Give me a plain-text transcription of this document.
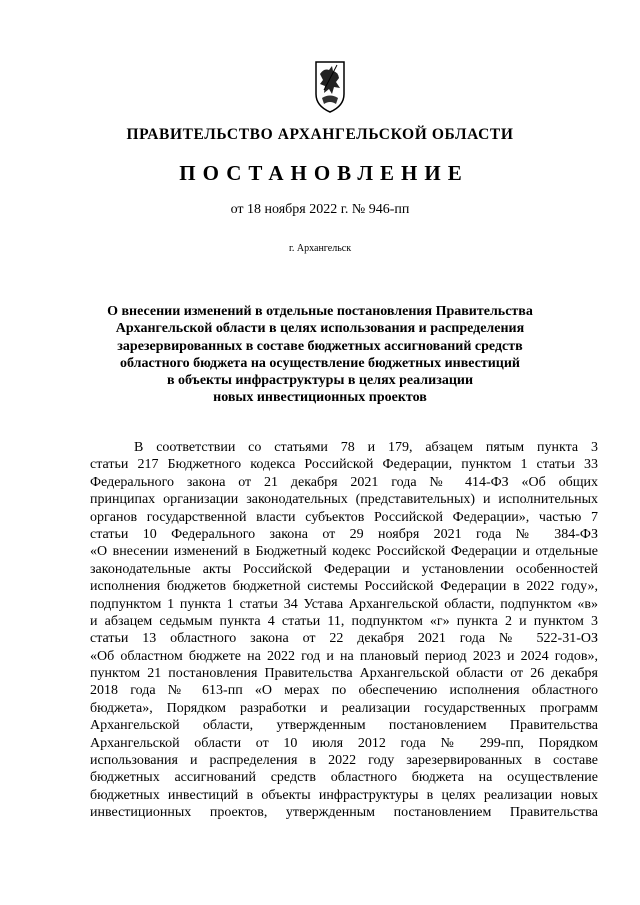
ПРАВИТЕЛЬСТВО АРХАНГЕЛЬСКОЙ ОБЛАСТИ
ПОСТАНОВЛЕНИЕ
от 18 ноября 2022 г. № 946-пп
г. Архангельск
О внесении изменений в отдельные постановления Правительства
Архангельской области в целях использования и распределения
зарезервированных в составе бюджетных ассигнований средств
областного бюджета на осуществление бюджетных инвестиций
в объекты инфраструктуры в целях реализации
новых инвестиционных проектов
В соответствии со статьями 78 и 179, абзацем пятым пункта 3
статьи 217 Бюджетного кодекса Российской Федерации, пунктом 1 статьи 33
Федерального закона от 21 декабря 2021 года № 414-ФЗ «Об общих
принципах организации законодательных (представительных) и исполнительных
органов государственной власти субъектов Российской Федерации», частью 7
статьи 10 Федерального закона от 29 ноября 2021 года № 384-ФЗ
«О внесении изменений в Бюджетный кодекс Российской Федерации и отдельные
законодательные акты Российской Федерации и установлении особенностей
исполнения бюджетов бюджетной системы Российской Федерации в 2022 году»,
подпунктом 1 пункта 1 статьи 34 Устава Архангельской области, подпунктом «в»
и абзацем седьмым пункта 4 статьи 11, подпунктом «г» пункта 2 и пунктом 3
статьи 13 областного закона от 22 декабря 2021 года № 522-31-ОЗ
«Об областном бюджете на 2022 год и на плановый период 2023 и 2024 годов»,
пунктом 21 постановления Правительства Архангельской области от 26 декабря
2018 года № 613-пп «О мерах по обеспечению исполнения областного
бюджета», Порядком разработки и реализации государственных программ
Архангельской области, утвержденным постановлением Правительства
Архангельской области от 10 июля 2012 года № 299-пп, Порядком
использования и распределения в 2022 году зарезервированных в составе
бюджетных ассигнований средств областного бюджета на осуществление
бюджетных инвестиций в объекты инфраструктуры в целях реализации новых
инвестиционных проектов, утвержденным постановлением Правительства
